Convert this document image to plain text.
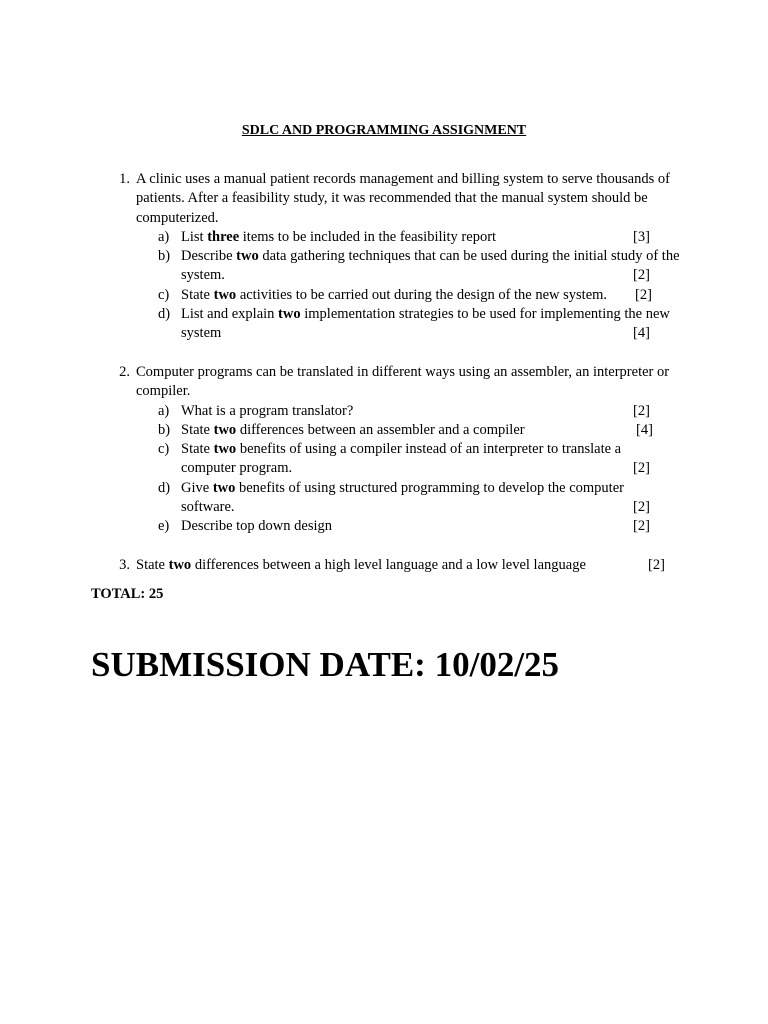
SDLC AND PROGRAMMING ASSIGNMENT
1. A clinic uses a manual patient records management and billing system to serve thousands of patients. After a feasibility study, it was recommended that the manual system should be computerized.
a) List three items to be included in the feasibility report	[3]
b) Describe two data gathering techniques that can be used during the initial study of the system.	[2]
c) State two activities to be carried out during the design of the new system.	[2]
d) List and explain two implementation strategies to be used for implementing the new system	[4]
2. Computer programs can be translated in different ways using an assembler, an interpreter or compiler.
a) What is a program translator?	[2]
b) State two differences between an assembler and a compiler	[4]
c) State two benefits of using a compiler instead of an interpreter to translate a computer program.	[2]
d) Give two benefits of using structured programming to develop the computer software.	[2]
e) Describe top down design	[2]
3. State two differences between a high level language and a low level language	[2]
TOTAL: 25
SUBMISSION DATE: 10/02/25
